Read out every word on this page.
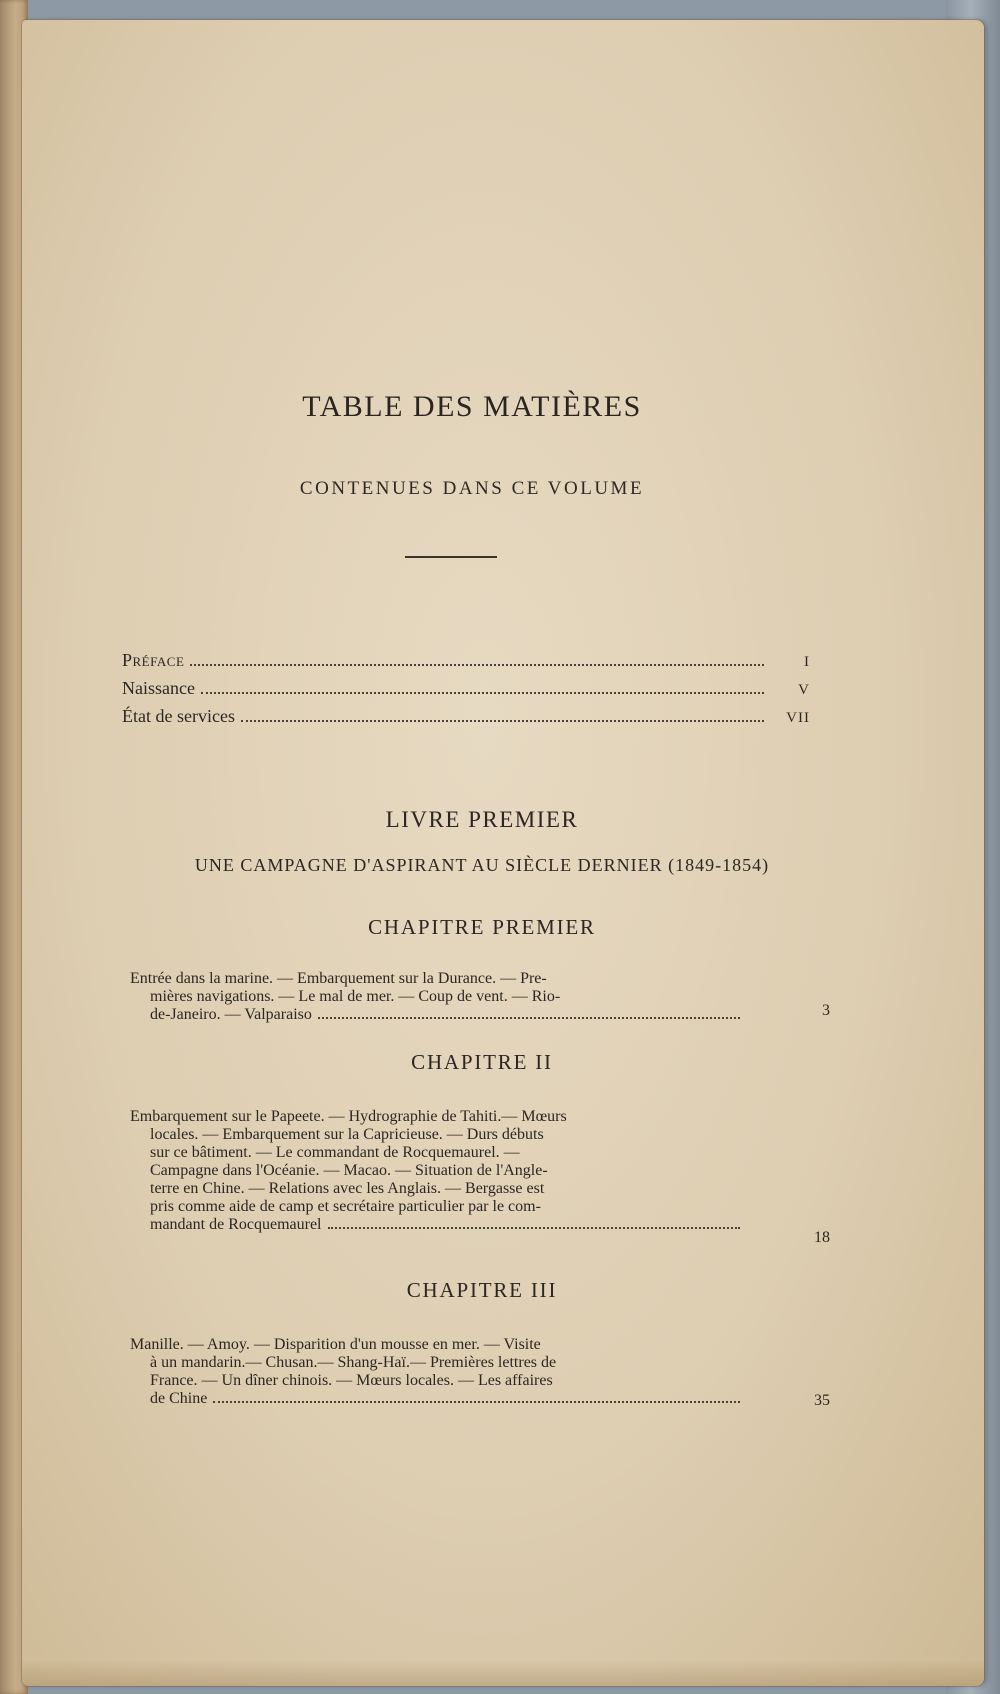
TABLE DES MATIÈRES
CONTENUES DANS CE VOLUME
Préface	I
Naissance	V
État de services	VII
LIVRE PREMIER
UNE CAMPAGNE D'ASPIRANT AU SIÈCLE DERNIER (1849-1854)
CHAPITRE PREMIER

Entrée dans la marine. — Embarquement sur la Durance. — Pre-

mières navigations. — Le mal de mer. — Coup de vent. — Rio-

de-Janeiro. — Valparaiso	3
CHAPITRE II

Embarquement sur le Papeete. — Hydrographie de Tahiti.— Mœurs

locales. — Embarquement sur la Capricieuse. — Durs débuts

sur ce bâtiment. — Le commandant de Rocquemaurel. —

Campagne dans l'Océanie. — Macao. — Situation de l'Angle-

terre en Chine. — Relations avec les Anglais. — Bergasse est

pris comme aide de camp et secrétaire particulier par le com-

mandant de Rocquemaurel
18
CHAPITRE III

Manille. — Amoy. — Disparition d'un mousse en mer. — Visite

à un mandarin.— Chusan.— Shang-Haï.— Premières lettres de

France. — Un dîner chinois. — Mœurs locales. — Les affaires

de Chine	35
